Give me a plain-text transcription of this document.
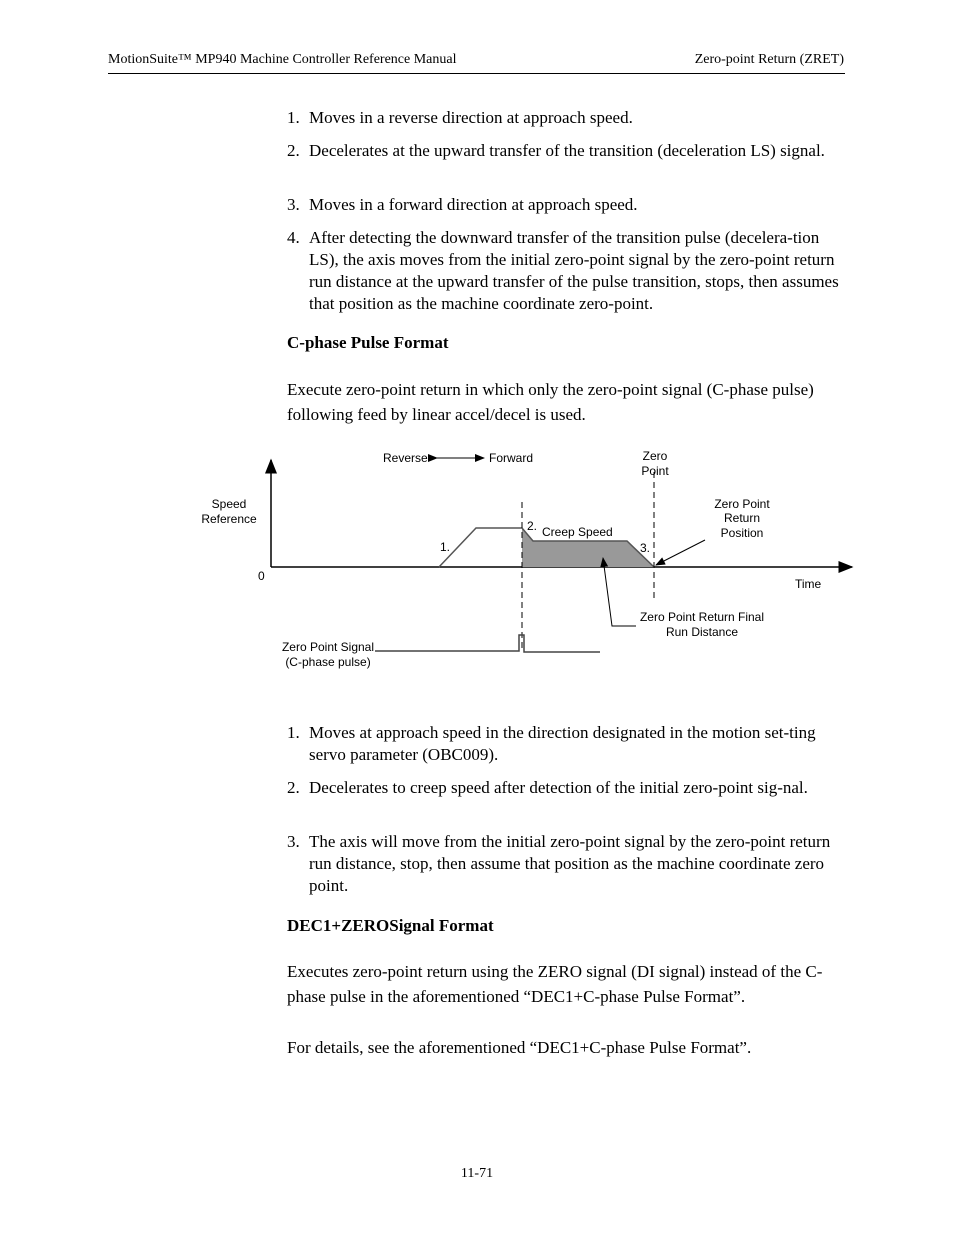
MotionSuite™ MP940 Machine Controller Reference Manual	Zero-point Return (ZRET)
1. Moves in a reverse direction at approach speed.
2. Decelerates at the upward transfer of the transition (deceleration LS) signal.
3. Moves in a forward direction at approach speed.
4. After detecting the downward transfer of the transition pulse (decelera-tion LS), the axis moves from the initial zero-point signal by the zero-point return run distance at the upward transfer of the pulse transition, stops, then assumes that position as the machine coordinate zero-point.
C-phase Pulse Format
Execute zero-point return in which only the zero-point signal (C-phase pulse) following feed by linear accel/decel is used.
Reverse	Forward	Zero
Point
Speed
Reference
0
Time
1.
2.
3.
Creep Speed
Zero Point
Return
Position
Zero Point Return Final
Run Distance
Zero Point Signal
(C-phase pulse)
1. Moves at approach speed in the direction designated in the motion set-ting servo parameter (OBC009).
2. Decelerates to creep speed after detection of the initial zero-point sig-nal.
3. The axis will move from the initial zero-point signal by the zero-point return run distance, stop, then assume that position as the machine coordinate zero point.
DEC1+ZEROSignal Format
Executes zero-point return using the ZERO signal (DI signal) instead of the C-phase pulse in the aforementioned “DEC1+C-phase Pulse Format”.
For details, see the aforementioned “DEC1+C-phase Pulse Format”.
11-71
